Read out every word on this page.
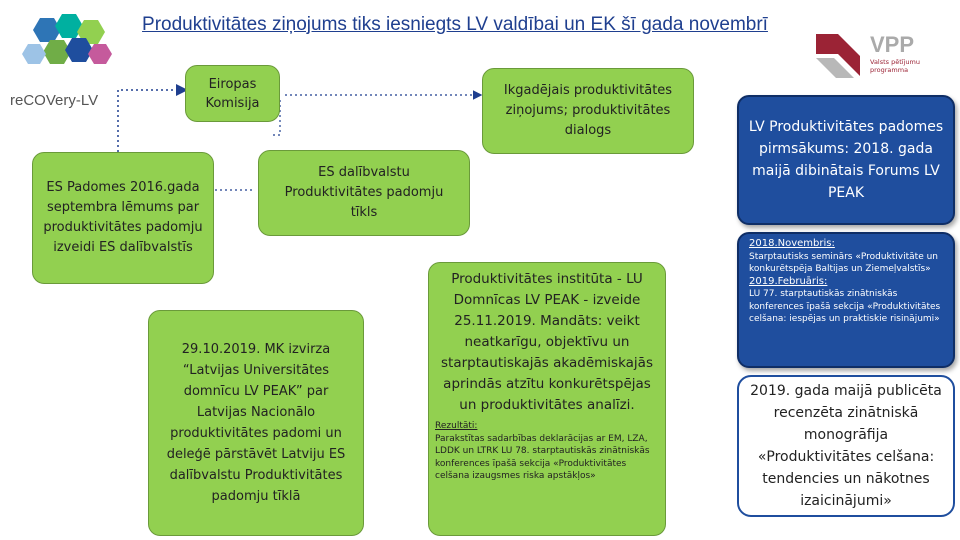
reCOVery-LV
Produktivitātes ziņojums tiks iesniegts LV valdībai un EK šī gada novembrī
VPP
Valsts pētījumu programma
Eiropas Komisija
Ikgadējais produktivitātes ziņojums; produktivitātes dialogs
ES Padomes 2016.gada septembra lēmums par produktivitātes padomju izveidi ES dalībvalstīs
ES dalībvalstu Produktivitātes padomju tīkls
29.10.2019. MK izvirza “Latvijas Universitātes domnīcu LV PEAK” par Latvijas Nacionālo produktivitātes padomi un deleģē pārstāvēt Latviju ES dalībvalstu Produktivitātes padomju tīklā
Produktivitātes institūta - LU Domnīcas LV PEAK - izveide 25.11.2019. Mandāts: veikt neatkarīgu, objektīvu un starptautiskajās akadēmiskajās aprindās atzītu konkurētspējas un produktivitātes analīzi.
Rezultāti:
Parakstītas sadarbības deklarācijas ar EM, LZA, LDDK un LTRK LU 78. starptautiskās zinātniskās konferences īpašā sekcija «Produktivitātes celšana izaugsmes riska apstākļos»
LV Produktivitātes padomes pirmsākums: 2018. gada maijā dibinātais Forums LV PEAK
2018.Novembris:
Starptautisks seminārs «Produktivitāte un konkurētspēja Baltijas un Ziemeļvalstīs»
2019.Februāris:
LU 77. starptautiskās zinātniskās konferences īpašā sekcija «Produktivitātes celšana: iespējas un praktiskie risinājumi»
2019. gada maijā publicēta recenzēta zinātniskā monogrāfija «Produktivitātes celšana: tendencies un nākotnes izaicinājumi»
